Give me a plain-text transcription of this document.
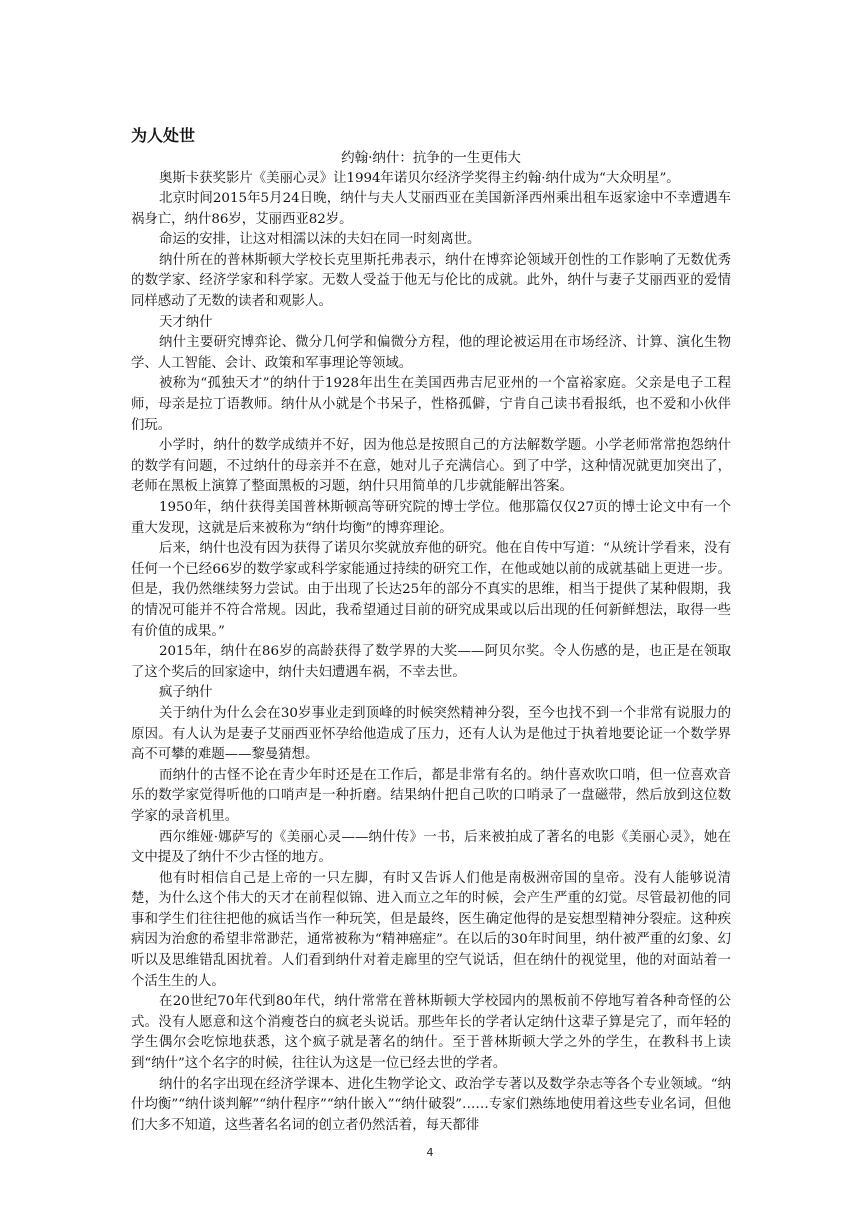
为人处世

约翰·纳什：抗争的一生更伟大

奥斯卡获奖影片《美丽心灵》让1994年诺贝尔经济学奖得主约翰·纳什成为“大众明星”。

北京时间2015年5月24日晚，纳什与夫人艾丽西亚在美国新泽西州乘出租车返家途中不幸遭遇车祸身亡，纳什86岁，艾丽西亚82岁。

命运的安排，让这对相濡以沫的夫妇在同一时刻离世。

纳什所在的普林斯顿大学校长克里斯托弗表示，纳什在博弈论领域开创性的工作影响了无数优秀的数学家、经济学家和科学家。无数人受益于他无与伦比的成就。此外，纳什与妻子艾丽西亚的爱情同样感动了无数的读者和观影人。

天才纳什

纳什主要研究博弈论、微分几何学和偏微分方程，他的理论被运用在市场经济、计算、演化生物学、人工智能、会计、政策和军事理论等领域。

被称为“孤独天才”的纳什于1928年出生在美国西弗吉尼亚州的一个富裕家庭。父亲是电子工程师，母亲是拉丁语教师。纳什从小就是个书呆子，性格孤僻，宁肯自己读书看报纸，也不爱和小伙伴们玩。

小学时，纳什的数学成绩并不好，因为他总是按照自己的方法解数学题。小学老师常常抱怨纳什的数学有问题，不过纳什的母亲并不在意，她对儿子充满信心。到了中学，这种情况就更加突出了，老师在黑板上演算了整面黑板的习题，纳什只用简单的几步就能解出答案。

1950年，纳什获得美国普林斯顿高等研究院的博士学位。他那篇仅仅27页的博士论文中有一个重大发现，这就是后来被称为“纳什均衡”的博弈理论。

后来，纳什也没有因为获得了诺贝尔奖就放弃他的研究。他在自传中写道：“从统计学看来，没有任何一个已经66岁的数学家或科学家能通过持续的研究工作，在他或她以前的成就基础上更进一步。但是，我仍然继续努力尝试。由于出现了长达25年的部分不真实的思维，相当于提供了某种假期，我的情况可能并不符合常规。因此，我希望通过目前的研究成果或以后出现的任何新鲜想法，取得一些有价值的成果。”

2015年，纳什在86岁的高龄获得了数学界的大奖——阿贝尔奖。令人伤感的是，也正是在领取了这个奖后的回家途中，纳什夫妇遭遇车祸，不幸去世。

疯子纳什

关于纳什为什么会在30岁事业走到顶峰的时候突然精神分裂，至今也找不到一个非常有说服力的原因。有人认为是妻子艾丽西亚怀孕给他造成了压力，还有人认为是他过于执着地要论证一个数学界高不可攀的难题——黎曼猜想。

而纳什的古怪不论在青少年时还是在工作后，都是非常有名的。纳什喜欢吹口哨，但一位喜欢音乐的数学家觉得听他的口哨声是一种折磨。结果纳什把自己吹的口哨录了一盘磁带，然后放到这位数学家的录音机里。

西尔维娅·娜萨写的《美丽心灵——纳什传》一书，后来被拍成了著名的电影《美丽心灵》，她在文中提及了纳什不少古怪的地方。

他有时相信自己是上帝的一只左脚，有时又告诉人们他是南极洲帝国的皇帝。没有人能够说清楚，为什么这个伟大的天才在前程似锦、进入而立之年的时候，会产生严重的幻觉。尽管最初他的同事和学生们往往把他的疯话当作一种玩笑，但是最终，医生确定他得的是妄想型精神分裂症。这种疾病因为治愈的希望非常渺茫，通常被称为“精神癌症”。在以后的30年时间里，纳什被严重的幻象、幻听以及思维错乱困扰着。人们看到纳什对着走廊里的空气说话，但在纳什的视觉里，他的对面站着一个活生生的人。

在20世纪70年代到80年代，纳什常常在普林斯顿大学校园内的黑板前不停地写着各种奇怪的公式。没有人愿意和这个消瘦苍白的疯老头说话。那些年长的学者认定纳什这辈子算是完了，而年轻的学生偶尔会吃惊地获悉，这个疯子就是著名的纳什。至于普林斯顿大学之外的学生，在教科书上读到“纳什”这个名字的时候，往往认为这是一位已经去世的学者。

纳什的名字出现在经济学课本、进化生物学论文、政治学专著以及数学杂志等各个专业领域。“纳什均衡”“纳什谈判解”“纳什程序”“纳什嵌入”“纳什破裂”……专家们熟练地使用着这些专业名词，但他们大多不知道，这些著名名词的创立者仍然活着，每天都徘

4
